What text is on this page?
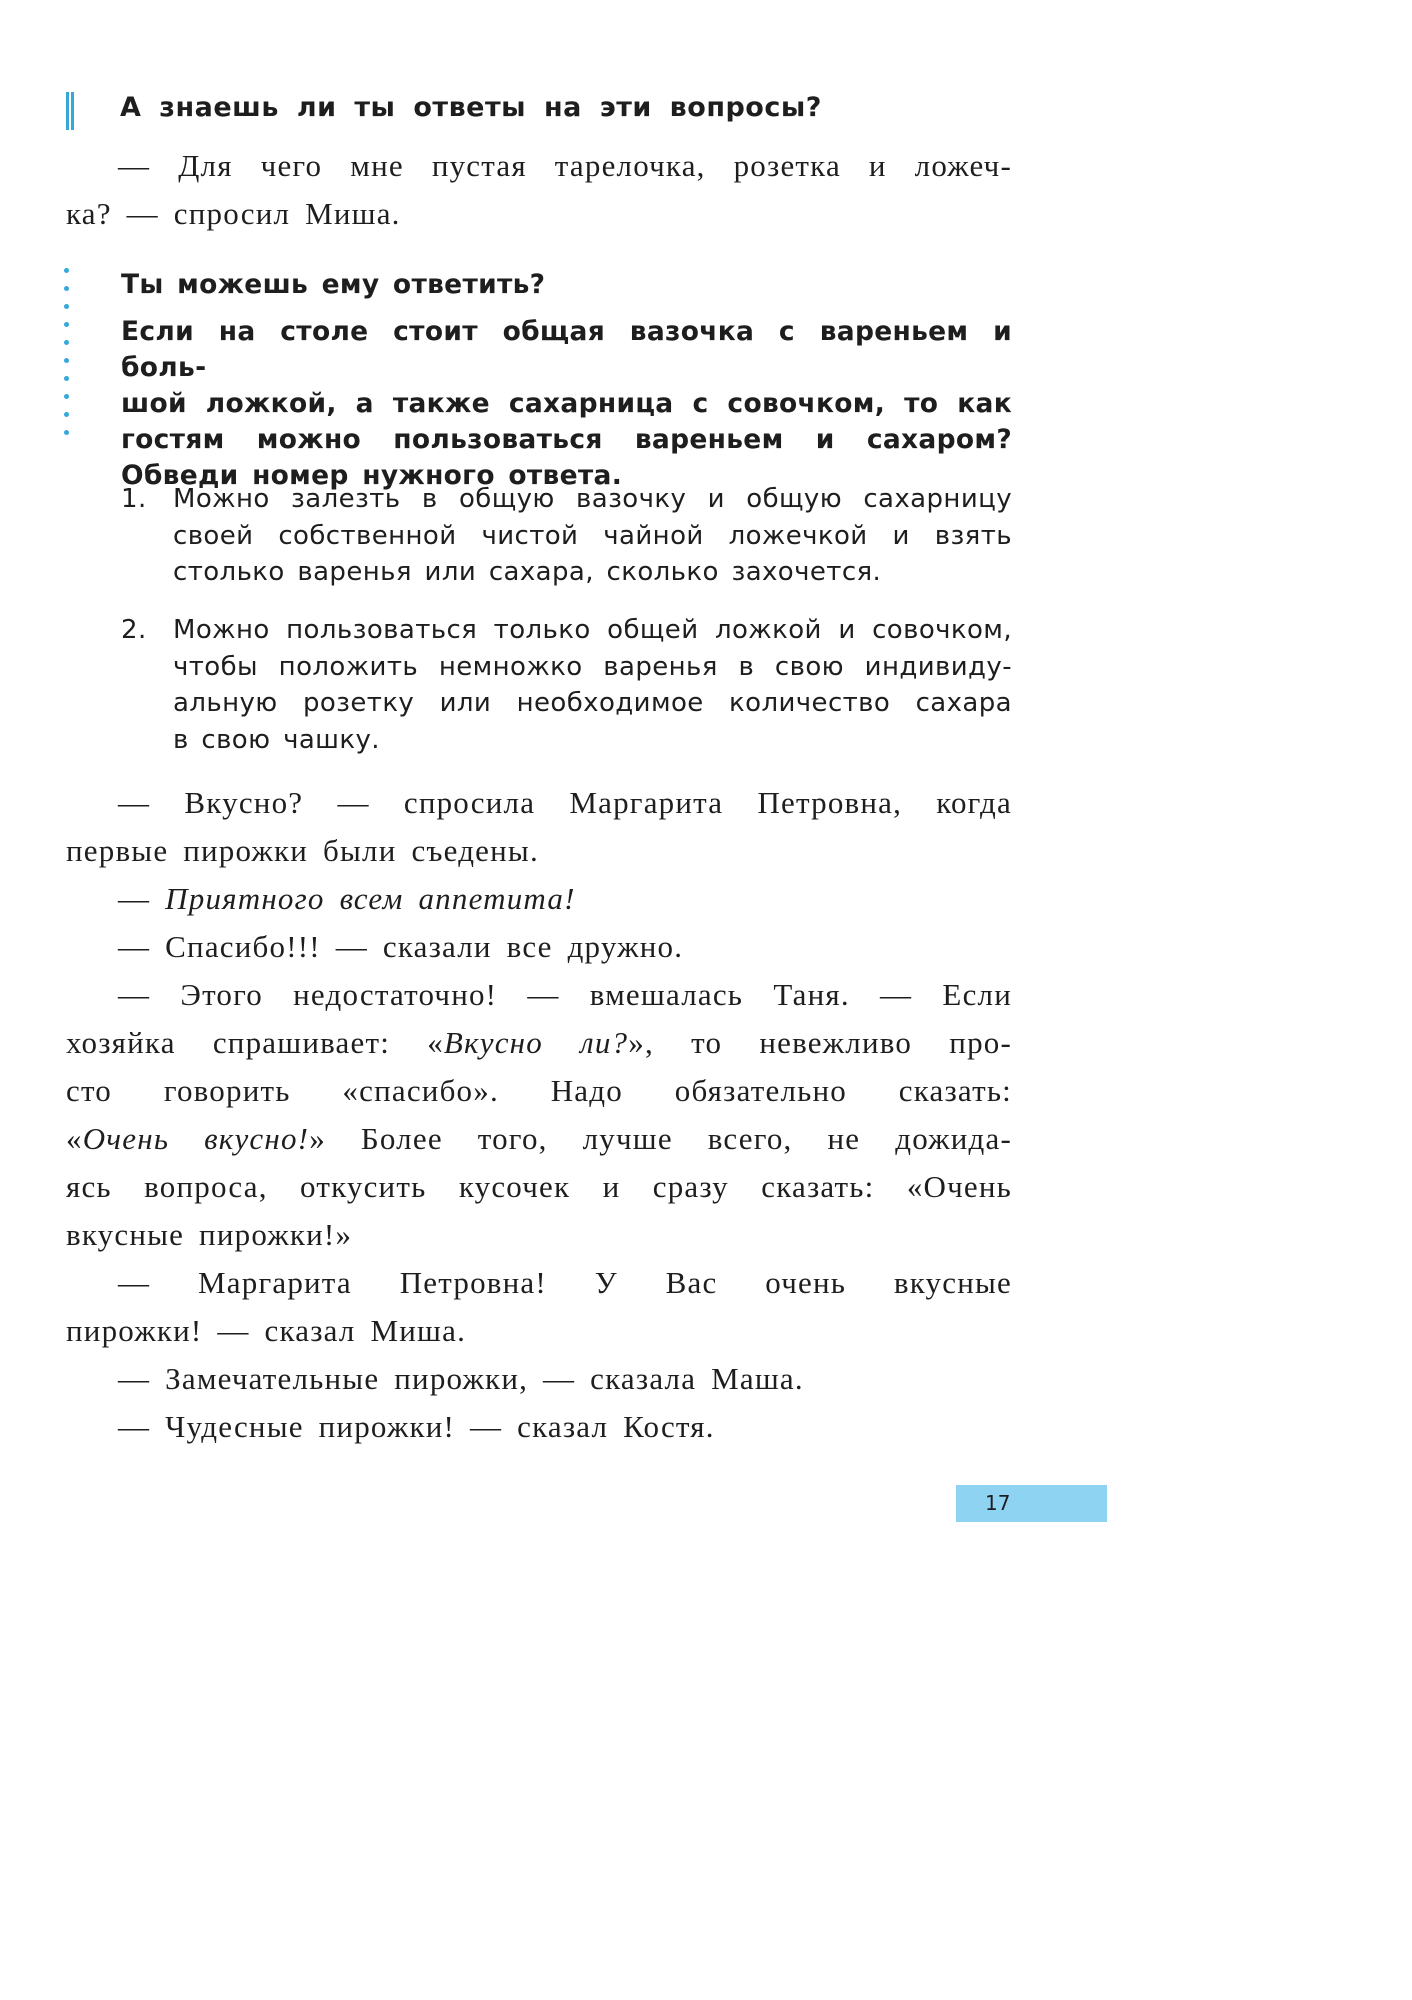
А знаешь ли ты ответы на эти вопросы?
— Для чего мне пустая тарелочка, розетка и ложеч-
ка? — спросил Миша.
Ты можешь ему ответить?
Если на столе стоит общая вазочка с вареньем и боль-
шой ложкой, а также сахарница с совочком, то как
гостям можно пользоваться вареньем и сахаром?
Обведи номер нужного ответа.
1. Можно залезть в общую вазочку и общую сахарницу
своей собственной чистой чайной ложечкой и взять
столько варенья или сахара, сколько захочется.
2. Можно пользоваться только общей ложкой и совочком,
чтобы положить немножко варенья в свою индивиду-
альную розетку или необходимое количество сахара
в свою чашку.
— Вкусно? — спросила Маргарита Петровна, когда
первые пирожки были съедены.
— Приятного всем аппетита!
— Спасибо!!! — сказали все дружно.
— Этого недостаточно! — вмешалась Таня. — Если
хозяйка спрашивает: «Вкусно ли?», то невежливо про-
сто говорить «спасибо». Надо обязательно сказать:
«Очень вкусно!» Более того, лучше всего, не дожида-
ясь вопроса, откусить кусочек и сразу сказать: «Очень
вкусные пирожки!»
— Маргарита Петровна! У Вас очень вкусные
пирожки! — сказал Миша.
— Замечательные пирожки, — сказала Маша.
— Чудесные пирожки! — сказал Костя.
17
